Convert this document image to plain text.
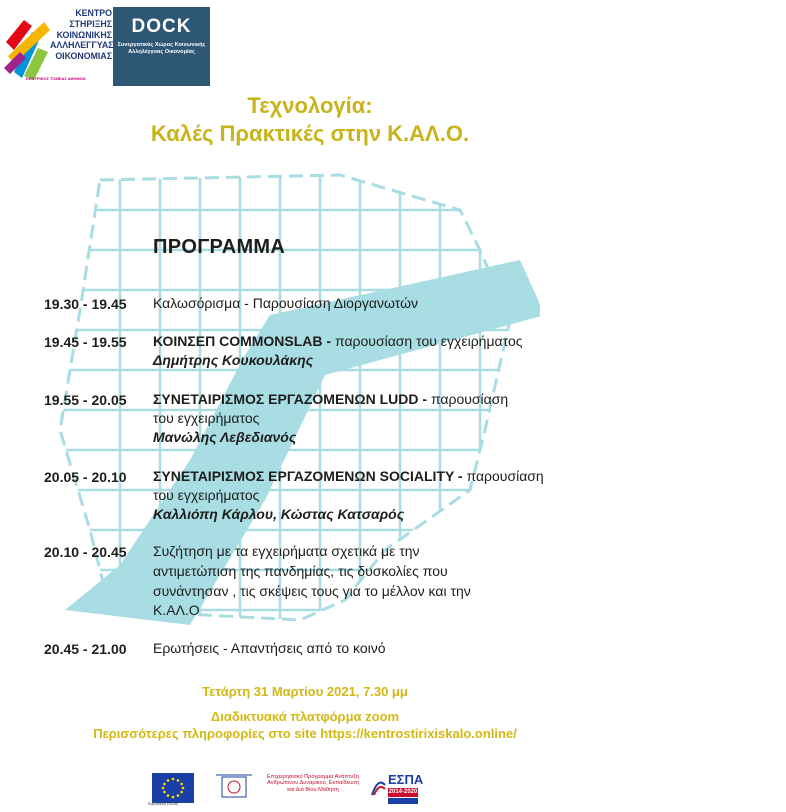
ΚΕΝΤΡΟ
ΣΤΗΡΙΞΗΣ
ΚΟΙΝΩΝΙΚΗΣ
ΑΛΛΗΛΕΓΓΥΑΣ
ΟΙΚΟΝΟΜΙΑΣ
ΚΕΝΤΡΙΚΟΣ ΤΟΜΕΑΣ ΑΘΗΝΩΝ
DOCK
Συνεργατικός Χώρος Κοινωνικής Αλληλέγγυας Οικονομίας
Τεχνολογία:
Καλές Πρακτικές στην Κ.ΑΛ.Ο.
ΠΡΟΓΡΑΜΜΑ
19.30 - 19.45 Καλωσόρισμα - Παρουσίαση Διοργανωτών
19.45 - 19.55 ΚΟΙΝΣΕΠ COMMONSLAB - παρουσίαση του εγχειρήματος
Δημήτρης Κουκουλάκης
19.55 - 20.05 ΣΥΝΕΤΑΙΡΙΣΜΟΣ ΕΡΓΑΖΟΜΕΝΩΝ LUDD - παρουσίαση
του εγχειρήματος
Μανώλης Λεβεδιανός
20.05 - 20.10 ΣΥΝΕΤΑΙΡΙΣΜΟΣ ΕΡΓΑΖΟΜΕΝΩΝ SOCIALITY - παρουσίαση
του εγχειρήματος
Καλλιόπη Κάρλου, Κώστας Κατσαρός
20.10 - 20.45 Συζήτηση με τα εγχειρήματα σχετικά με την
αντιμετώπιση της πανδημίας, τις δυσκολίες που
συνάντησαν , τις σκέψεις τους για το μέλλον και την
Κ.ΑΛ.Ο
20.45 - 21.00 Ερωτήσεις - Απαντήσεις από το κοινό
Τετάρτη 31 Μαρτίου 2021, 7.30 μμ
Διαδικτυακά πλατφόρμα zoom
Περισσότερες πληροφορίες στο site https://kentrostirixiskalo.online/
Ευρωπαϊκή Ένωση
Επιχειρησιακό Πρόγραμμα Ανάπτυξη Ανθρώπινου Δυναμικού, Εκπαίδευση και Διά Βίου Μάθηση
ΕΣΠΑ
2014-2020
